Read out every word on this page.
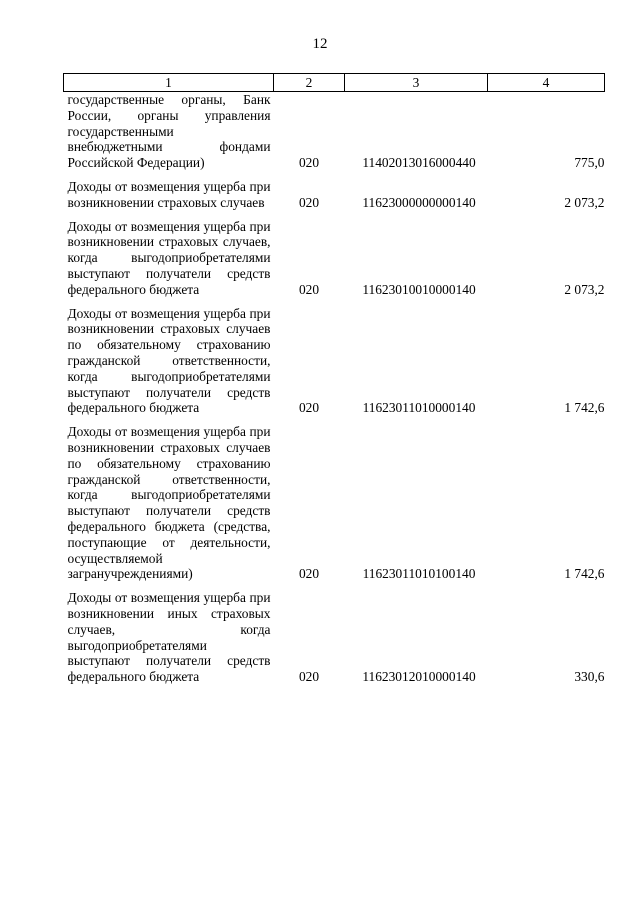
12
1	2	3	4
государственные органы, Банк России, органы управления государственными внебюджетными фондами Российской Федерации)	020	11402013016000440	775,0
Доходы от возмещения ущерба при возникновении страховых случаев	020	11623000000000140	2 073,2
Доходы от возмещения ущерба при возникновении страховых случаев, когда выгодоприобретателями выступают получатели средств федерального бюджета	020	11623010010000140	2 073,2
Доходы от возмещения ущерба при возникновении страховых случаев по обязательному страхованию гражданской ответственности, когда выгодоприобретателями выступают получатели средств федерального бюджета	020	11623011010000140	1 742,6
Доходы от возмещения ущерба при возникновении страховых случаев по обязательному страхованию гражданской ответственности, когда выгодоприобретателями выступают получатели средств федерального бюджета (средства, поступающие от деятельности, осуществляемой загранучреждениями)	020	11623011010100140	1 742,6
Доходы от возмещения ущерба при возникновении иных страховых случаев, когда выгодоприобретателями выступают получатели средств федерального бюджета	020	11623012010000140	330,6
